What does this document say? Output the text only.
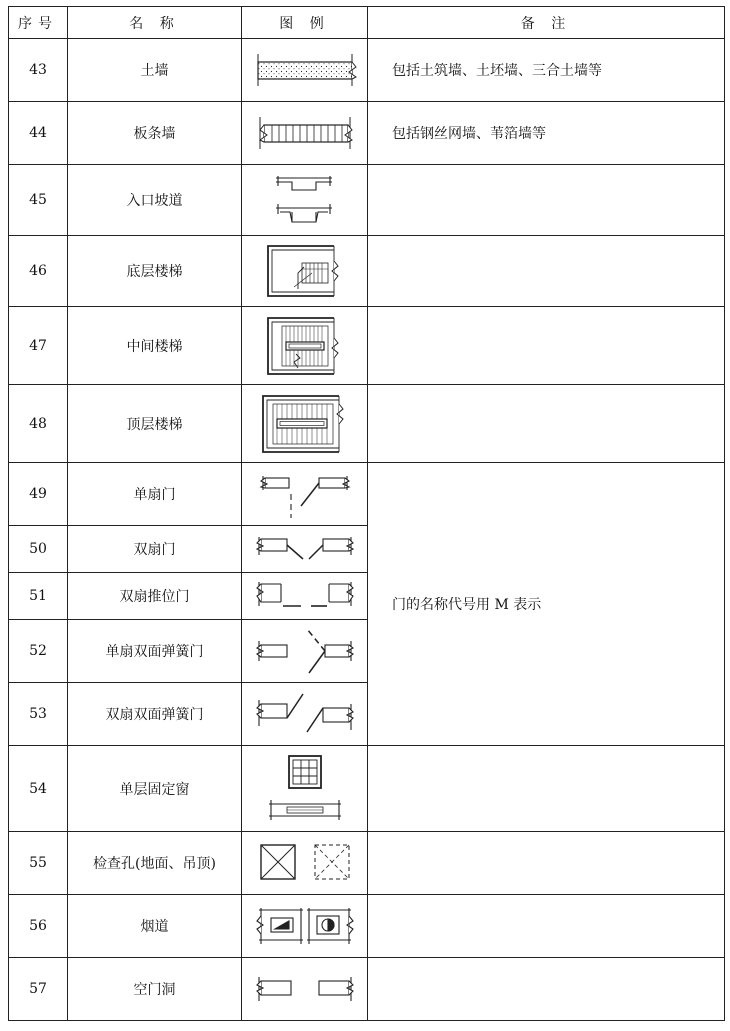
序号	名 称	图 例	备 注
43	土墙		包括土筑墙、土坯墙、三合土墙等
44	板条墙		包括钢丝网墙、苇箔墙等
45	入口坡道	

46	底层楼梯	

47	中间楼梯	

48	顶层楼梯	

49	单扇门		门的名称代号用 M 表示
50	双扇门	

51	双扇推位门	

52	单扇双面弹簧门	

53	双扇双面弹簧门	

54	单层固定窗	

55	检查孔(地面、吊顶)	

56	烟道	

57	空门洞	
